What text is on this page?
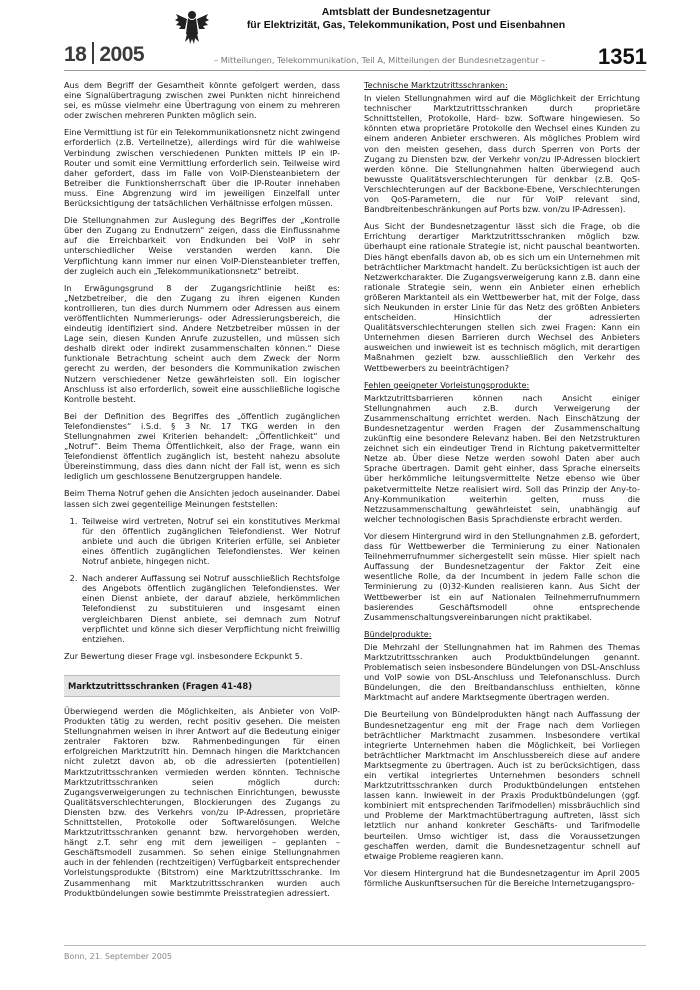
18 2005
Amtsblatt der Bundesnetzagentur
für Elektrizität, Gas, Telekommunikation, Post und Eisenbahnen
– Mitteilungen, Telekommunikation, Teil A, Mitteilungen der Bundesnetzagentur – 1351

Aus dem Begriff der Gesamtheit könnte gefolgert werden, dass eine Signalübertragung zwischen zwei Punkten nicht hinreichend sei, es müsse vielmehr eine Übertragung von einem zu mehreren oder zwischen mehreren Punkten möglich sein.

Eine Vermittlung ist für ein Telekommunikationsnetz nicht zwingend erforderlich (z.B. Verteilnetze), allerdings wird für die wahlweise Verbindung zwischen verschiedenen Punkten mittels IP ein IP-Router und somit eine Vermittlung erforderlich sein. Teilweise wird daher gefordert, dass im Falle von VoIP-Diensteanbietern der Betreiber die Funktionsherrschaft über die IP-Router innehaben muss. Eine Abgrenzung wird im jeweiligen Einzelfall unter Berücksichtigung der tatsächlichen Verhältnisse erfolgen müssen.

Die Stellungnahmen zur Auslegung des Begriffes der „Kontrolle über den Zugang zu Endnutzern“ zeigen, dass die Einflussnahme auf die Erreichbarkeit von Endkunden bei VoIP in sehr unterschiedlicher Weise verstanden werden kann. Die Verpflichtung kann immer nur einen VoIP-Diensteanbieter treffen, der zugleich auch ein „Telekommunikationsnetz“ betreibt.

In Erwägungsgrund 8 der Zugangsrichtlinie heißt es: „Netzbetreiber, die den Zugang zu ihren eigenen Kunden kontrollieren, tun dies durch Nummern oder Adressen aus einem veröffentlichten Nummerierungs- oder Adressierungsbereich, die eindeutig identifiziert sind. Andere Netzbetreiber müssen in der Lage sein, diesen Kunden Anrufe zuzustellen, und müssen sich deshalb direkt oder indirekt zusammenschalten können.“ Diese funktionale Betrachtung scheint auch dem Zweck der Norm gerecht zu werden, der besonders die Kommunikation zwischen Nutzern verschiedener Netze gewährleisten soll. Ein logischer Anschluss ist also erforderlich, soweit eine ausschließliche logische Kontrolle besteht.

Bei der Definition des Begriffes des „öffentlich zugänglichen Telefondienstes“ i.S.d. § 3 Nr. 17 TKG werden in den Stellungnahmen zwei Kriterien behandelt: „Öffentlichkeit“ und „Notruf“. Beim Thema Öffentlichkeit, also der Frage, wann ein Telefondienst öffentlich zugänglich ist, besteht nahezu absolute Übereinstimmung, dass dies dann nicht der Fall ist, wenn es sich lediglich um geschlossene Benutzergruppen handele.

Beim Thema Notruf gehen die Ansichten jedoch auseinander. Dabei lassen sich zwei gegenteilige Meinungen feststellen:

1. Teilweise wird vertreten, Notruf sei ein konstitutives Merkmal für den öffentlich zugänglichen Telefondienst. Wer Notruf anbiete und auch die übrigen Kriterien erfülle, sei Anbieter eines öffentlich zugänglichen Telefondienstes. Wer keinen Notruf anbiete, hingegen nicht.
2. Nach anderer Auffassung sei Notruf ausschließlich Rechtsfolge des Angebots öffentlich zugänglichen Telefondienstes. Wer einen Dienst anbiete, der darauf abziele, herkömmlichen Telefondienst zu substituieren und insgesamt einen vergleichbaren Dienst anbiete, sei demnach zum Notruf verpflichtet und könne sich dieser Verpflichtung nicht freiwillig entziehen.

Zur Bewertung dieser Frage vgl. insbesondere Eckpunkt 5.

Marktzutrittsschranken (Fragen 41-48)

Überwiegend werden die Möglichkeiten, als Anbieter von VoIP-Produkten tätig zu werden, recht positiv gesehen. Die meisten Stellungnahmen weisen in ihrer Antwort auf die Bedeutung einiger zentraler Faktoren bzw. Rahmenbedingungen für einen erfolgreichen Marktzutritt hin. Demnach hingen die Marktchancen nicht zuletzt davon ab, ob die adressierten (potentiellen) Marktzutrittsschranken vermieden werden könnten. Technische Marktzutrittsschranken seien möglich durch: Zugangsverweigerungen zu technischen Einrichtungen, bewusste Qualitätsverschlechterungen, Blockierungen des Zugangs zu Diensten bzw. des Verkehrs von/zu IP-Adressen, proprietäre Schnittstellen, Protokolle oder Softwarelösungen. Welche Marktzutrittsschranken genannt bzw. hervorgehoben werden, hängt z.T. sehr eng mit dem jeweiligen – geplanten – Geschäftsmodell zusammen. So sehen einige Stellungnahmen auch in der fehlenden (rechtzeitigen) Verfügbarkeit entsprechender Vorleistungsprodukte (Bitstrom) eine Marktzutrittsschranke. Im Zusammenhang mit Marktzutrittsschranken wurden auch Produktbündelungen sowie bestimmte Preisstrategien adressiert.

Technische Marktzutrittsschranken:

In vielen Stellungnahmen wird auf die Möglichkeit der Errichtung technischer Marktzutrittsschranken durch proprietäre Schnittstellen, Protokolle, Hard- bzw. Software hingewiesen. So könnten etwa proprietäre Protokolle den Wechsel eines Kunden zu einem anderen Anbieter erschweren. Als mögliches Problem wird von den meisten gesehen, dass durch Sperren von Ports der Zugang zu Diensten bzw. der Verkehr von/zu IP-Adressen blockiert werden könne. Die Stellungnahmen halten überwiegend auch bewusste Qualitätsverschlechterungen für denkbar (z.B. QoS-Verschlechterungen auf der Backbone-Ebene, Verschlechterungen von QoS-Parametern, die nur für VoIP relevant sind, Bandbreitenbeschränkungen auf Ports bzw. von/zu IP-Adressen).

Aus Sicht der Bundesnetzagentur lässt sich die Frage, ob die Errichtung derartiger Marktzutrittsschranken möglich bzw. überhaupt eine rationale Strategie ist, nicht pauschal beantworten. Dies hängt ebenfalls davon ab, ob es sich um ein Unternehmen mit beträchtlicher Marktmacht handelt. Zu berücksichtigen ist auch der Netzwerkcharakter. Die Zugangsverweigerung kann z.B. dann eine rationale Strategie sein, wenn ein Anbieter einen erheblich größeren Marktanteil als ein Wettbewerber hat, mit der Folge, dass sich Neukunden in erster Linie für das Netz des größten Anbieters entscheiden. Hinsichtlich der adressierten Qualitätsverschlechterungen stellen sich zwei Fragen: Kann ein Unternehmen diesen Barrieren durch Wechsel des Anbieters ausweichen und inwieweit ist es technisch möglich, mit derartigen Maßnahmen gezielt bzw. ausschließlich den Verkehr des Wettbewerbers zu beeinträchtigen?

Fehlen geeigneter Vorleistungsprodukte:

Marktzutrittsbarrieren können nach Ansicht einiger Stellungnahmen auch z.B. durch Verweigerung der Zusammenschaltung errichtet werden. Nach Einschätzung der Bundesnetzagentur werden Fragen der Zusammenschaltung zukünftig eine besondere Relevanz haben. Bei den Netzstrukturen zeichnet sich ein eindeutiger Trend in Richtung paketvermittelter Netze ab. Über diese Netze werden sowohl Daten aber auch Sprache übertragen. Damit geht einher, dass Sprache einerseits über herkömmliche leitungsvermittelte Netze ebenso wie über paketvermittelte Netze realisiert wird. Soll das Prinzip der Any-to-Any-Kommunikation weiterhin gelten, muss die Netzzusammenschaltung gewährleistet sein, unabhängig auf welcher technologischen Basis Sprachdienste erbracht werden.

Vor diesem Hintergrund wird in den Stellungnahmen z.B. gefordert, dass für Wettbewerber die Terminierung zu einer Nationalen Teilnehmerrufnummer sichergestellt sein müsse. Hier spielt nach Auffassung der Bundesnetzagentur der Faktor Zeit eine wesentliche Rolle, da der Incumbent in jedem Falle schon die Terminierung zu (0)32-Kunden realisieren kann. Aus Sicht der Wettbewerber ist ein auf Nationalen Teilnehmerrufnummern basierendes Geschäftsmodell ohne entsprechende Zusammenschaltungsvereinbarungen nicht praktikabel.

Bündelprodukte:

Die Mehrzahl der Stellungnahmen hat im Rahmen des Themas Marktzutrittsschranken auch Produktbündelungen genannt. Problematisch seien insbesondere Bündelungen von DSL-Anschluss und VoIP sowie von DSL-Anschluss und Telefonanschluss. Durch Bündelungen, die den Breitbandanschluss enthielten, könne Marktmacht auf andere Marktsegmente übertragen werden.

Die Beurteilung von Bündelprodukten hängt nach Auffassung der Bundesnetzagentur eng mit der Frage nach dem Vorliegen beträchtlicher Marktmacht zusammen. Insbesondere vertikal integrierte Unternehmen haben die Möglichkeit, bei Vorliegen beträchtlicher Marktmacht im Anschlussbereich diese auf andere Marktsegmente zu übertragen. Auch ist zu berücksichtigen, dass ein vertikal integriertes Unternehmen besonders schnell Marktzutrittsschranken durch Produktbündelungen entstehen lassen kann. Inwieweit in der Praxis Produktbündelungen (ggf. kombiniert mit entsprechenden Tarifmodellen) missbräuchlich sind und Probleme der Marktmachtübertragung auftreten, lässt sich letztlich nur anhand konkreter Geschäfts- und Tarifmodelle beurteilen. Umso wichtiger ist, dass die Voraussetzungen geschaffen werden, damit die Bundesnetzagentur schnell auf etwaige Probleme reagieren kann.

Vor diesem Hintergrund hat die Bundesnetzagentur im April 2005 förmliche Auskunftsersuchen für die Bereiche Internetzugangspro-

Bonn, 21. September 2005
